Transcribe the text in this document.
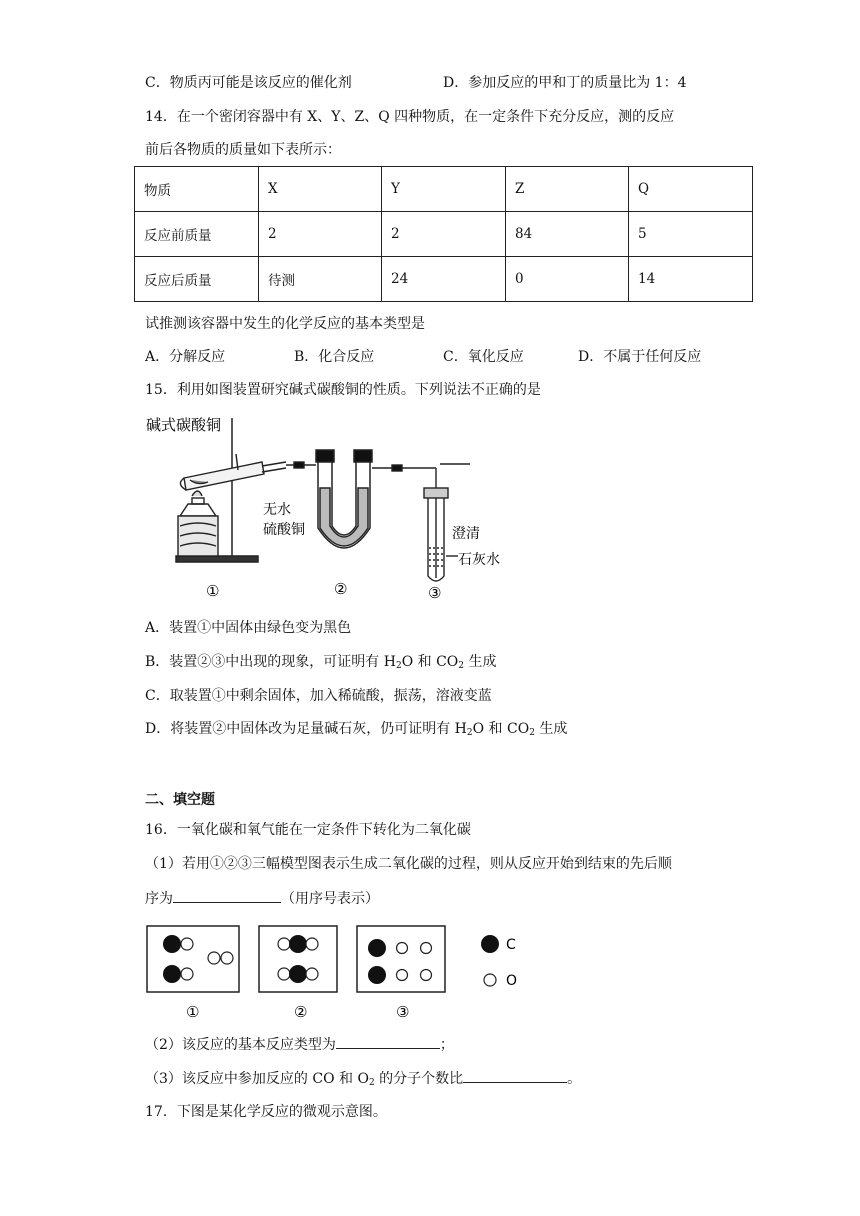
C．物质丙可能是该反应的催化剂	D．参加反应的甲和丁的质量比为 1：4
14．在一个密闭容器中有 X、Y、Z、Q 四种物质，在一定条件下充分反应，测的反应
前后各物质的质量如下表所示：
物质	X	Y	Z	Q
反应前质量	2	2	84	5
反应后质量	待测	24	0	14
试推测该容器中发生的化学反应的基本类型是
A．分解反应	B．化合反应	C．氧化反应	D．不属于任何反应
15．利用如图装置研究碱式碳酸铜的性质。下列说法不正确的是
碱式碳酸铜
无水
硫酸铜	澄清
石灰水
①	②	③
A．装置①中固体由绿色变为黑色
B．装置②③中出现的现象，可证明有 $H_2O$ 和 $CO_2$ 生成
C．取装置①中剩余固体，加入稀硫酸，振荡，溶液变蓝
D．将装置②中固体改为足量碱石灰，仍可证明有 $H_2O$ 和 $CO_2$ 生成
二、填空题
16．一氧化碳和氧气能在一定条件下转化为二氧化碳
（1）若用①②③三幅模型图表示生成二氧化碳的过程，则从反应开始到结束的先后顺
序为	（用序号表示）
C
O
①	②	③
（2）该反应的基本反应类型为	；
（3）该反应中参加反应的 CO 和 $O_2$ 的分子个数比	。
17．下图是某化学反应的微观示意图。
